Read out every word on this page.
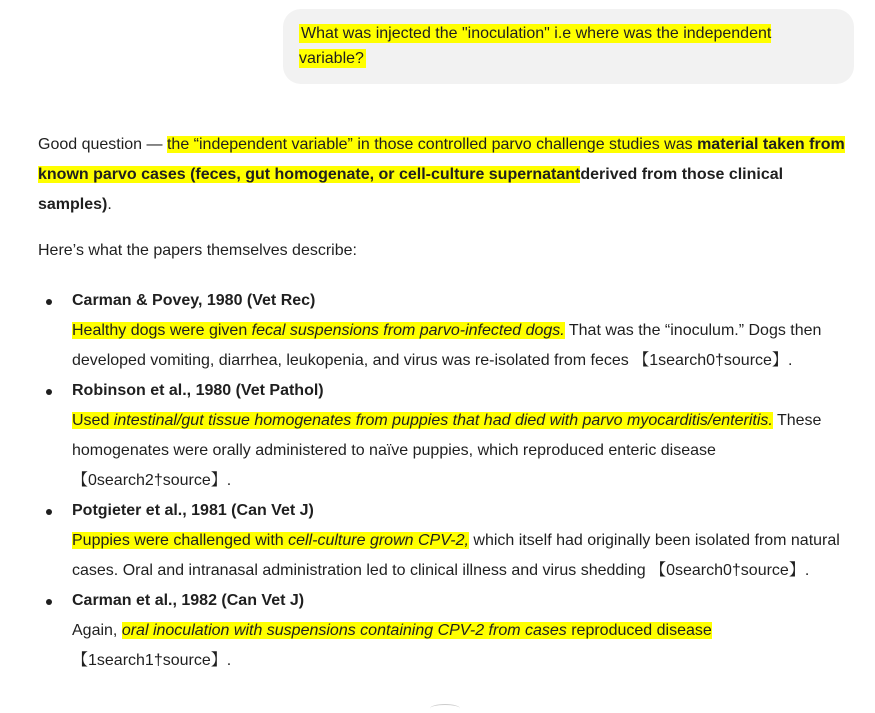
What was injected the "inoculation" i.e where was the independent variable?

Good question — the “independent variable” in those controlled parvo challenge studies was material taken from known parvo cases (feces, gut homogenate, or cell-culture supernatantderived from those clinical samples).

Here’s what the papers themselves describe:

Carman & Povey, 1980 (Vet Rec)
Healthy dogs were given fecal suspensions from parvo-infected dogs. That was the “inoculum.” Dogs then developed vomiting, diarrhea, leukopenia, and virus was re-isolated from feces 【1search0†source】.
Robinson et al., 1980 (Vet Pathol)
Used intestinal/gut tissue homogenates from puppies that had died with parvo myocarditis/enteritis. These homogenates were orally administered to naïve puppies, which reproduced enteric disease 【0search2†source】.
Potgieter et al., 1981 (Can Vet J)
Puppies were challenged with cell-culture grown CPV-2, which itself had originally been isolated from natural cases. Oral and intranasal administration led to clinical illness and virus shedding 【0search0†source】.
Carman et al., 1982 (Can Vet J)
Again, oral inoculation with suspensions containing CPV-2 from cases reproduced disease 【1search1†source】.
